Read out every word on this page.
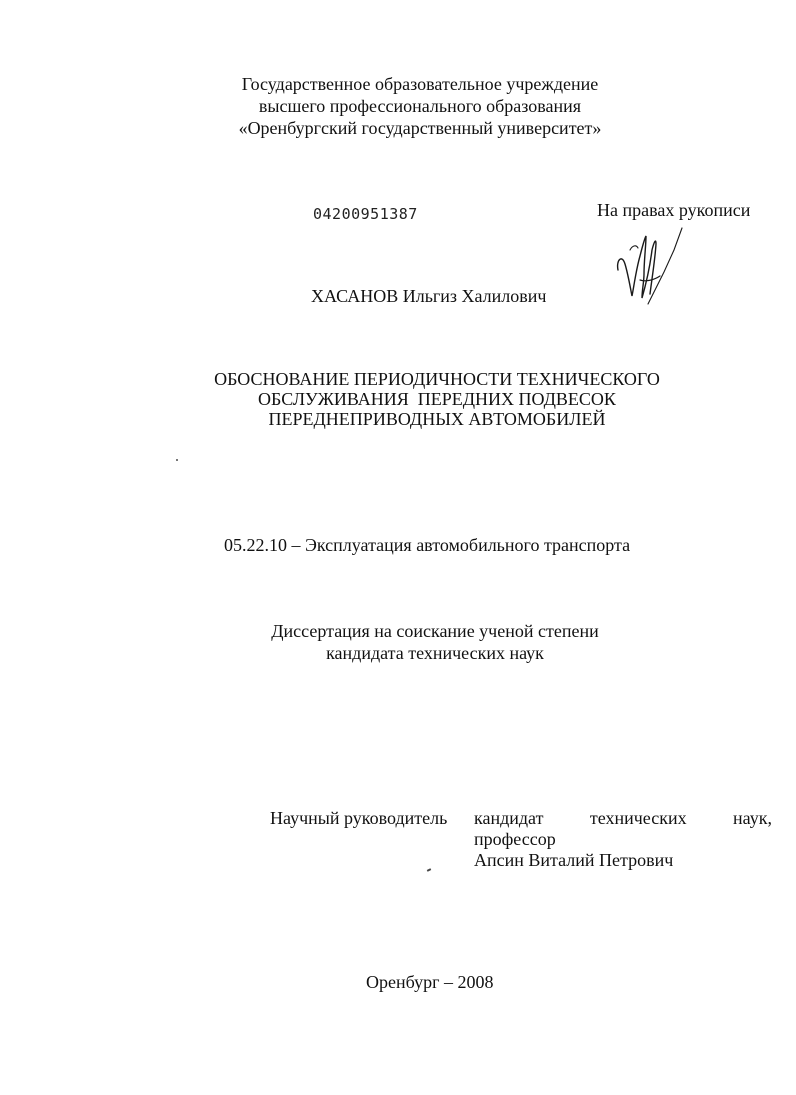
Государственное образовательное учреждение
высшего профессионального образования
«Оренбургский государственный университет»
04200951387	На правах рукописи
ХАСАНОВ Ильгиз Халилович
ОБОСНОВАНИЕ ПЕРИОДИЧНОСТИ ТЕХНИЧЕСКОГО
ОБСЛУЖИВАНИЯ  ПЕРЕДНИХ ПОДВЕСОК
ПЕРЕДНЕПРИВОДНЫХ АВТОМОБИЛЕЙ
05.22.10 – Эксплуатация автомобильного транспорта
Диссертация на соискание ученой степени
кандидата технических наук
Научный руководитель кандидат	технических	наук,
профессор
Апсин Виталий Петрович
Оренбург – 2008
